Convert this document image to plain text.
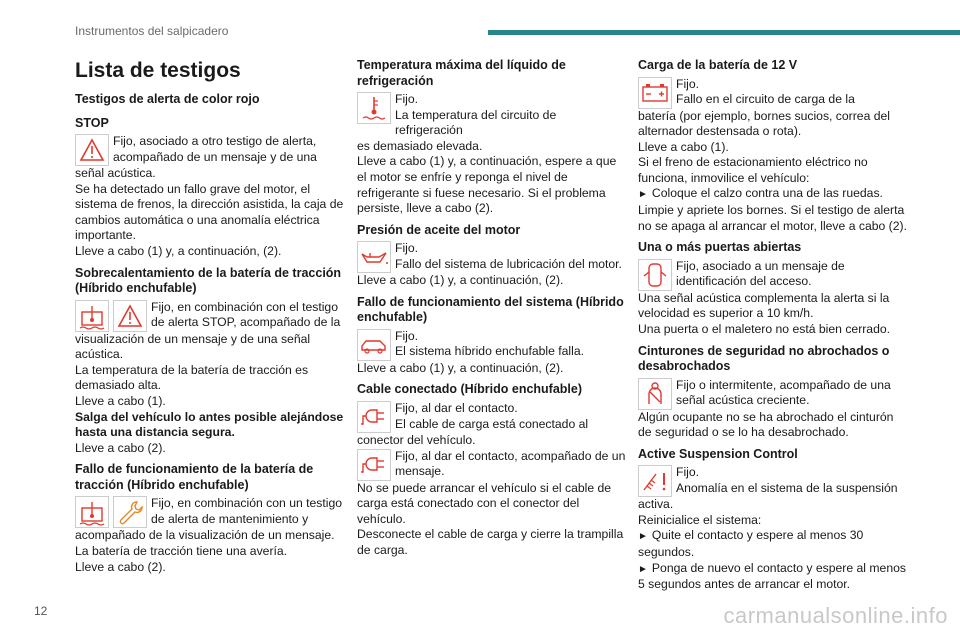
Instrumentos del salpicadero
Lista de testigos
Testigos de alerta de color rojo
STOP
Fijo, asociado a otro testigo de alerta,
acompañado de un mensaje y de una

señal acústica.

Se ha detectado un fallo grave del motor, el sistema de frenos, la dirección asistida, la caja de cambios automática o una anomalía eléctrica importante.

Lleve a cabo (1) y, a continuación, (2).

Sobrecalentamiento de la batería de tracción (Híbrido enchufable)
Fijo, en combinación con el testigo
de alerta STOP, acompañado de la

visualización de un mensaje y de una señal acústica.

La temperatura de la batería de tracción es demasiado alta.

Lleve a cabo (1).

Salga del vehículo lo antes posible alejándose hasta una distancia segura.

Lleve a cabo (2).

Fallo de funcionamiento de la batería de tracción (Híbrido enchufable)
Fijo, en combinación con un testigo
de alerta de mantenimiento y

acompañado de la visualización de un mensaje.

La batería de tracción tiene una avería.

Lleve a cabo (2).

Temperatura máxima del líquido de refrigeración
Fijo.
La temperatura del circuito de refrigeración

es demasiado elevada.

Lleve a cabo (1) y, a continuación, espere a que el motor se enfríe y reponga el nivel de refrigerante si fuese necesario. Si el problema persiste, lleve a cabo (2).

Presión de aceite del motor
Fijo.
Fallo del sistema de lubricación del motor.

Lleve a cabo (1) y, a continuación, (2).

Fallo de funcionamiento del sistema (Híbrido enchufable)
Fijo.
El sistema híbrido enchufable falla.

Lleve a cabo (1) y, a continuación, (2).

Cable conectado (Híbrido enchufable)
Fijo, al dar el contacto.
El cable de carga está conectado al

conector del vehículo.

Fijo, al dar el contacto, acompañado de un
mensaje.

No se puede arrancar el vehículo si el cable de carga está conectado con el conector del vehículo.

Desconecte el cable de carga y cierre la trampilla de carga.

Carga de la batería de 12 V
Fijo.
Fallo en el circuito de carga de la

batería (por ejemplo, bornes sucios, correa del alternador destensada o rota).

Lleve a cabo (1).

Si el freno de estacionamiento eléctrico no funciona, inmovilice el vehículo:

► Coloque el calzo contra una de las ruedas.

Limpie y apriete los bornes. Si el testigo de alerta no se apaga al arrancar el motor, lleve a cabo (2).

Una o más puertas abiertas
Fijo, asociado a un mensaje de
identificación del acceso.

Una señal acústica complementa la alerta si la velocidad es superior a 10 km/h.

Una puerta o el maletero no está bien cerrado.

Cinturones de seguridad no abrochados o desabrochados
Fijo o intermitente, acompañado de una
señal acústica creciente.

Algún ocupante no se ha abrochado el cinturón de seguridad o se lo ha desabrochado.

Active Suspension Control
Fijo.
Anomalía en el sistema de la suspensión

activa.

Reinicialice el sistema:

► Quite el contacto y espere al menos 30 segundos.

► Ponga de nuevo el contacto y espere al menos 5 segundos antes de arrancar el motor.

12	carmanualsonline.info
